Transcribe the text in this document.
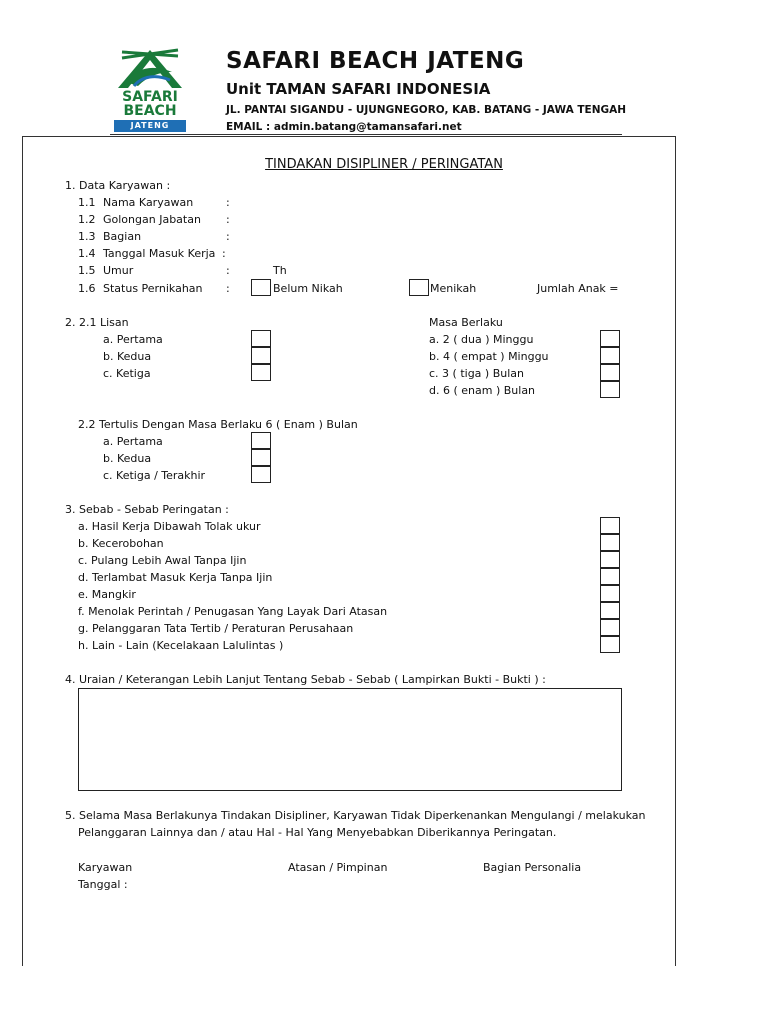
SAFARI
BEACH
JATENG
SAFARI BEACH JATENG
Unit TAMAN SAFARI INDONESIA
JL. PANTAI SIGANDU - UJUNGNEGORO, KAB. BATANG - JAWA TENGAH
EMAIL : admin.batang@tamansafari.net
TINDAKAN DISIPLINER / PERINGATAN
1. Data Karyawan :
1.1 Nama Karyawan	:
1.2 Golongan Jabatan :
1.3 Bagian	:
1.4 Tanggal Masuk Kerja :
1.5 Umur	:	Th
1.6 Status Pernikahan :	Belum Nikah	Menikah	Jumlah Anak =
2. 2.1 Lisan
a. Pertama
b. Kedua
c. Ketiga
Masa Berlaku
a. 2 ( dua ) Minggu
b. 4 ( empat ) Minggu
c. 3 ( tiga ) Bulan
d. 6 ( enam ) Bulan
2.2 Tertulis Dengan Masa Berlaku 6 ( Enam ) Bulan
a. Pertama
b. Kedua
c. Ketiga / Terakhir
3. Sebab - Sebab Peringatan :
a. Hasil Kerja Dibawah Tolak ukur
b. Kecerobohan
c. Pulang Lebih Awal Tanpa Ijin
d. Terlambat Masuk Kerja Tanpa Ijin
e. Mangkir
f. Menolak Perintah / Penugasan Yang Layak Dari Atasan
g. Pelanggaran Tata Tertib / Peraturan Perusahaan
h. Lain - Lain (Kecelakaan Lalulintas )
4. Uraian / Keterangan Lebih Lanjut Tentang Sebab - Sebab ( Lampirkan Bukti - Bukti ) :
5. Selama Masa Berlakunya Tindakan Disipliner, Karyawan Tidak Diperkenankan Mengulangi / melakukan
Pelanggaran Lainnya dan / atau Hal - Hal Yang Menyebabkan Diberikannya Peringatan.
Karyawan	Atasan / Pimpinan	Bagian Personalia
Tanggal :
